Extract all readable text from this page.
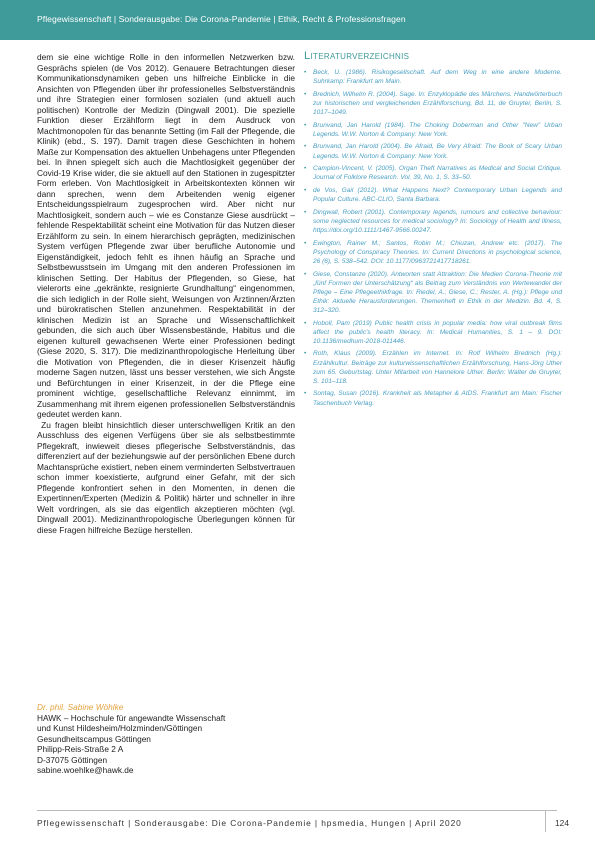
Pflegewissenschaft | Sonderausgabe: Die Corona-Pandemie | Ethik, Recht & Professionsfragen

dem sie eine wichtige Rolle in den informellen Netzwerken bzw. Gesprächs spielen (de Vos 2012). Genauere Betrachtungen dieser Kommunikationsdynamiken geben uns hilfreiche Einblicke in die Ansichten von Pflegenden über ihr professionelles Selbstverständnis und ihre Strategien einer formlosen sozialen (und aktuell auch politischen) Kontrolle der Medizin (Dingwall 2001). Die spezielle Funktion dieser Erzählform liegt in dem Ausdruck von Machtmonopolen für das benannte Setting (im Fall der Pflegende, die Klinik) (ebd., S. 197). Damit tragen diese Geschichten in hohem Maße zur Kompensation des aktuellen Unbehagens unter Pflegenden bei. In ihnen spiegelt sich auch die Machtlosigkeit gegenüber der Covid-19 Krise wider, die sie aktuell auf den Stationen in zugespitzter Form erleben. Von Machtlosigkeit in Arbeitskontexten können wir dann sprechen, wenn dem Arbeitenden wenig eigener Entscheidungsspielraum zugesprochen wird. Aber nicht nur Machtlosigkeit, sondern auch – wie es Constanze Giese ausdrückt – fehlende Respektabilität scheint eine Motivation für das Nutzen dieser Erzählform zu sein. In einem hierarchisch geprägten, medizinischen System verfügen Pflegende zwar über berufliche Autonomie und Eigenständigkeit, jedoch fehlt es ihnen häufig an Sprache und Selbstbewusstsein im Umgang mit den anderen Professionen im klinischen Setting. Der Habitus der Pflegenden, so Giese, hat vielerorts eine „gekränkte, resignierte Grundhaltung“ eingenommen, die sich lediglich in der Rolle sieht, Weisungen von Ärztinnen/Ärzten und bürokratischen Stellen anzunehmen. Respektabilität in der klinischen Medizin ist an Sprache und Wissenschaftlichkeit gebunden, die sich auch über Wissensbestände, Habitus und die eigenen kulturell gewachsenen Werte einer Professionen bedingt (Giese 2020, S. 317). Die medizinanthropologische Herleitung über die Motivation von Pflegenden, die in dieser Krisenzeit häufig moderne Sagen nutzen, lässt uns besser verstehen, wie sich Ängste und Befürchtungen in einer Krisenzeit, in der die Pflege eine prominent wichtige, gesellschaftliche Relevanz einnimmt, im Zusammenhang mit ihrem eigenen professionellen Selbstverständnis gedeutet werden kann.

Zu fragen bleibt hinsichtlich dieser unterschwelligen Kritik an den Ausschluss des eigenen Verfügens über sie als selbstbestimmte Pflegekraft, inwieweit dieses pflegerische Selbstverständnis, das differenziert auf der beziehungswie auf der persönlichen Ebene durch Machtansprüche existiert, neben einem verminderten Selbstvertrauen schon immer koexistierte, aufgrund einer Gefahr, mit der sich Pflegende konfrontiert sehen in den Momenten, in denen die Expertinnen/Experten (Medizin & Politik) härter und schneller in ihre Welt vordringen, als sie das eigentlich akzeptieren möchten (vgl. Dingwall 2001). Medizinanthropologische Überlegungen können für diese Fragen hilfreiche Bezüge herstellen.

Literaturverzeichnis
• Beck, U. (1986). Risikogesellschaft. Auf dem Weg in eine andere Moderne. Suhrkamp: Frankfurt am Main.
• Brednich, Wilhelm R. (2004). Sage. In: Enzyklopädie des Märchens. Handwörterbuch zur historischen und vergleichenden Erzählforschung, Bd. 11, de Gruyter, Berlin, S. 1017–1049.
• Brunvand, Jan Harold (1984). The Choking Doberman and Other "New" Urban Legends. W.W. Norton & Company: New York.
• Brunvand, Jan Harold (2004). Be Afraid, Be Very Afraid: The Book of Scary Urban Legends. W.W. Norton & Company: New York.
• Campion-Vincent, V. (2005). Organ Theft Narratives as Medical and Social Critique. Journal of Folklore Research. Vol. 39, No. 1, S. 33–50.
• de Vos, Gail (2012). What Happens Next? Contemporary Urban Legends and Popular Culture. ABC-CLIO, Santa Barbara.
• Dingwall, Robert (2001). Contemporary legends, rumours and collective behaviour: some neglected resources for medical sociology? In: Sociology of Health and Illness, https://doi.org/10.1111/1467-9566.00247.
• Ewington, Rainer M.; Santos, Robin M.; Chiuzan, Andrew etc. (2017). The Psychology of Conspiracy Theories. In: Current Directions in psychological science, 26 (6), S. 538–542. DOI: 10.1177/0963721417718261.
• Giese, Constanze (2020). Antworten statt Attraktion: Die Medien Corona-Theorie mit „fünf Formen der Unterschätzung“ als Beitrag zum Verständnis von Wertewandel der Pflege – Eine Pflegeethikfrage. In: Riedel, A.; Giese, C.; Rester, A. (Hg.): Pflege und Ethik: Aktuelle Herausforderungen. Themenheft in Ethik in der Medizin. Bd. 4, S. 312–320.
• Hoboll, Pam (2019) Public health crisis in popular media: how viral outbreak films affect the public's health literacy. In: Medical Humanities, S. 1 – 9. DOI: 10.1136/medhum-2018-011446.
• Roth, Klaus (2009). Erzählen im Internet. In: Rolf Wilhelm Brednich (Hg.): Erzählkultur. Beiträge zur kulturwissenschaftlichen Erzählforschung, Hans-Jörg Uther zum 65. Geburtstag. Unter Mitarbeit von Hannelore Uther. Berlin: Walter de Gruyter, S. 101–118.
• Sontag, Susan (2016). Krankheit als Metapher & AIDS. Frankfurt am Main: Fischer Taschenbuch Verlag.
Dr. phil. Sabine Wöhlke
HAWK – Hochschule für angewandte Wissenschaft
und Kunst Hildesheim/Holzminden/Göttingen
Gesundheitscampus Göttingen
Philipp-Reis-Straße 2 A
D-37075 Göttingen
sabine.woehlke@hawk.de
Pflegewissenschaft | Sonderausgabe: Die Corona-Pandemie | hpsmedia, Hungen | April 2020	124
